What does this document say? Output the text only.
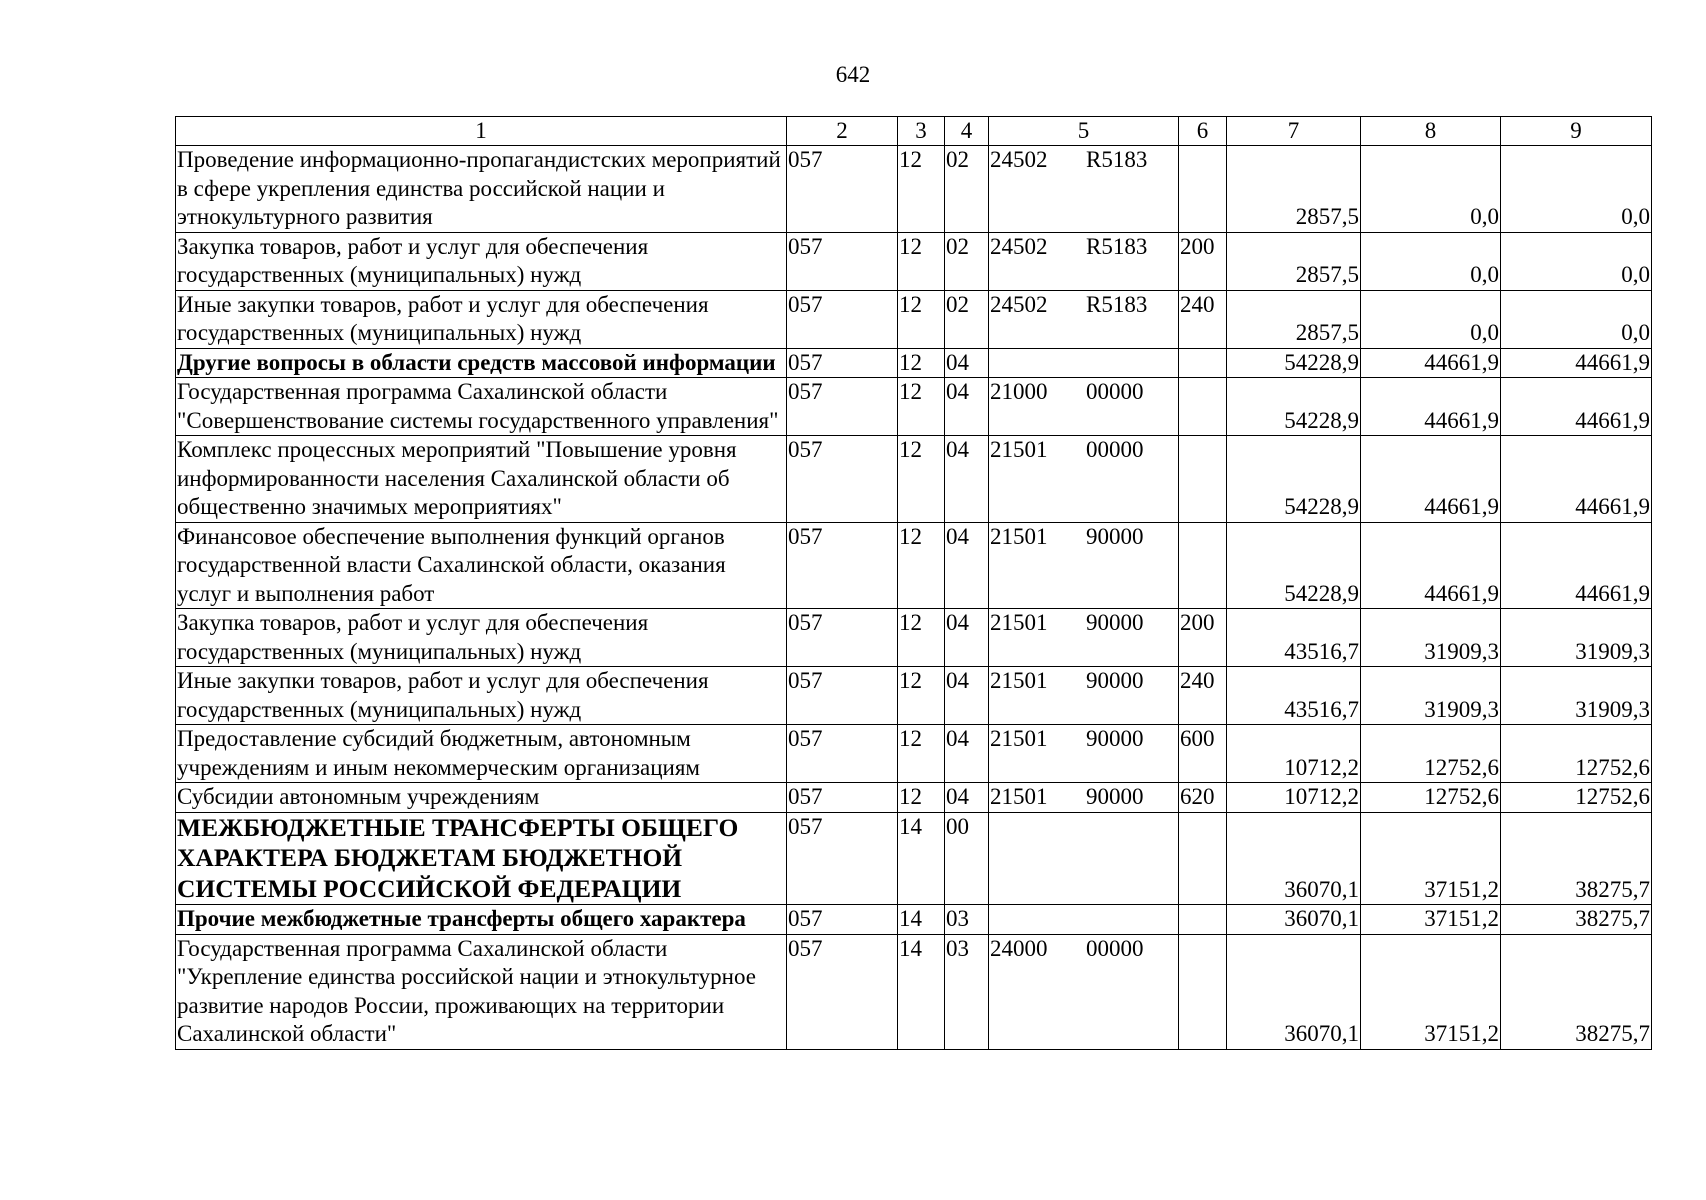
642
1	2	3	4	5	6	7	8	9
Проведение информационно-пропагандистских мероприятий в сфере укрепления единства российской нации и этнокультурного развития	057	12	02	24502 R5183		2857,5	0,0	0,0
Закупка товаров, работ и услуг для обеспечения государственных (муниципальных) нужд	057	12	02	24502 R5183	200	2857,5	0,0	0,0
Иные закупки товаров, работ и услуг для обеспечения государственных (муниципальных) нужд	057	12	02	24502 R5183	240	2857,5	0,0	0,0
Другие вопросы в области средств массовой информации	057	12	04			54228,9	44661,9	44661,9
Государственная программа Сахалинской области "Совершенствование системы государственного управления"	057	12	04	21000 00000		54228,9	44661,9	44661,9
Комплекс процессных мероприятий "Повышение уровня информированности населения Сахалинской области об общественно значимых мероприятиях"	057	12	04	21501 00000		54228,9	44661,9	44661,9
Финансовое обеспечение выполнения функций органов государственной власти Сахалинской области, оказания услуг и выполнения работ	057	12	04	21501 90000		54228,9	44661,9	44661,9
Закупка товаров, работ и услуг для обеспечения государственных (муниципальных) нужд	057	12	04	21501 90000	200	43516,7	31909,3	31909,3
Иные закупки товаров, работ и услуг для обеспечения государственных (муниципальных) нужд	057	12	04	21501 90000	240	43516,7	31909,3	31909,3
Предоставление субсидий бюджетным, автономным учреждениям и иным некоммерческим организациям	057	12	04	21501 90000	600	10712,2	12752,6	12752,6
Субсидии автономным учреждениям	057	12	04	21501 90000	620	10712,2	12752,6	12752,6
МЕЖБЮДЖЕТНЫЕ ТРАНСФЕРТЫ ОБЩЕГО ХАРАКТЕРА БЮДЖЕТАМ БЮДЖЕТНОЙ СИСТЕМЫ РОССИЙСКОЙ ФЕДЕРАЦИИ	057	14	00			36070,1	37151,2	38275,7
Прочие межбюджетные трансферты общего характера	057	14	03			36070,1	37151,2	38275,7
Государственная программа Сахалинской области "Укрепление единства российской нации и этнокультурное развитие народов России, проживающих на территории Сахалинской области"	057	14	03	24000 00000		36070,1	37151,2	38275,7
